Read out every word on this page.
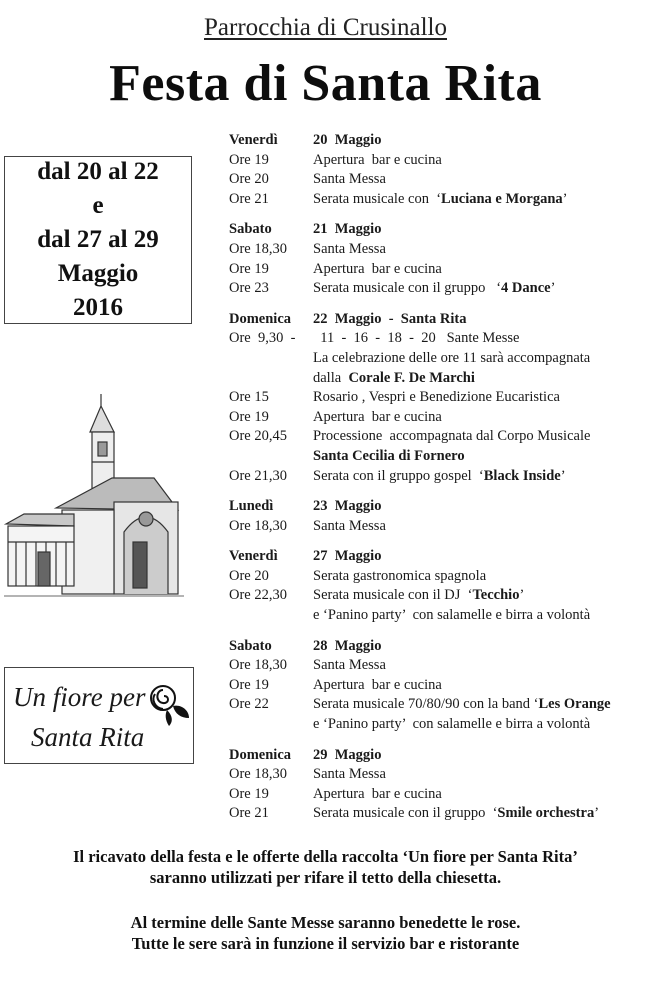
Parrocchia di Crusinallo
Festa di Santa Rita
dal 20 al 22
e
dal 27 al 29
Maggio
2016
Un fiore per
Santa Rita
Venerdì	20  Maggio
Ore 19	Apertura  bar e cucina
Ore 20	Santa Messa
Ore 21	Serata musicale con  ‘Luciana e Morgana’
Sabato	21  Maggio
Ore 18,30	Santa Messa
Ore 19	Apertura  bar e cucina
Ore 23	Serata musicale con il gruppo   ‘4 Dance’
Domenica	22  Maggio  -  Santa Rita
Ore  9,30  -	11  -  16  -  18  -  20   Sante Messe
La celebrazione delle ore 11 sarà accompagnata
dalla  Corale F. De Marchi
Ore 15	Rosario , Vespri e Benedizione Eucaristica
Ore 19	Apertura  bar e cucina
Ore 20,45	Processione  accompagnata dal Corpo Musicale
Santa Cecilia di Fornero
Ore 21,30	Serata con il gruppo gospel  ‘Black Inside’
Lunedì	23  Maggio
Ore 18,30	Santa Messa
Venerdì	27  Maggio
Ore 20	Serata gastronomica spagnola
Ore 22,30	Serata musicale con il DJ  ‘Tecchio’
e ‘Panino party’  con salamelle e birra a volontà
Sabato	28  Maggio
Ore 18,30	Santa Messa
Ore 19	Apertura  bar e cucina
Ore 22	Serata musicale 70/80/90 con la band ‘Les Orange
e ‘Panino party’  con salamelle e birra a volontà
Domenica	29  Maggio
Ore 18,30	Santa Messa
Ore 19	Apertura  bar e cucina
Ore 21	Serata musicale con il gruppo  ‘Smile orchestra’
Il ricavato della festa e le offerte della raccolta ‘Un fiore per Santa Rita’
saranno utilizzati per rifare il tetto della chiesetta.
Al termine delle Sante Messe saranno benedette le rose.
Tutte le sere sarà in funzione il servizio bar e ristorante
